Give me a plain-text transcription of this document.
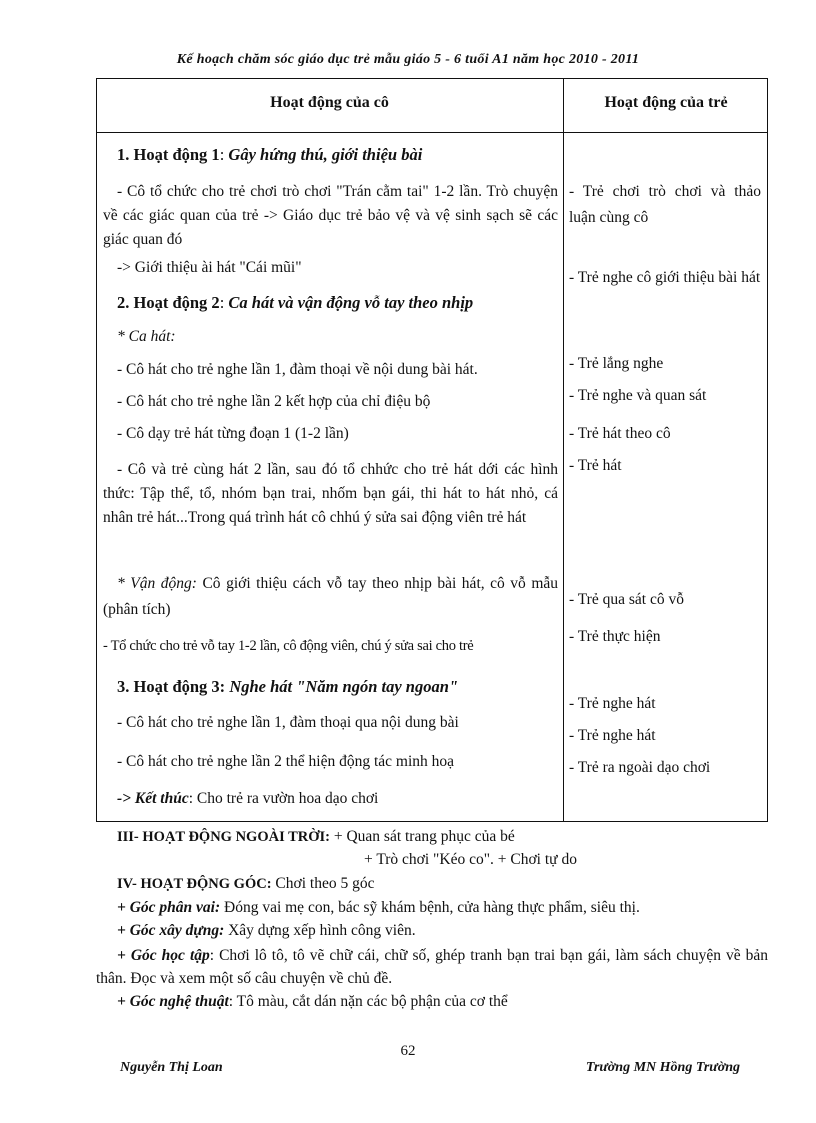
Kế hoạch chăm sóc giáo dục trẻ mẫu giáo 5 - 6 tuổi A1 năm học 2010 - 2011
Hoạt động của cô	Hoạt động của trẻ
1. Hoạt động 1: Gây hứng thú, giới thiệu bài
- Cô tổ chức cho trẻ chơi trò chơi "Trán cằm tai" 1-2 lần. Trò chuyện về các giác quan của trẻ -> Giáo dục trẻ bảo vệ và vệ sinh sạch sẽ các giác quan đó
-> Giới thiệu ài hát "Cái mũi"
2. Hoạt động 2: Ca hát và vận động vỗ tay theo nhịp
* Ca hát:
- Cô hát cho trẻ nghe lần 1, đàm thoại về nội dung bài hát.
- Cô hát cho trẻ nghe lần 2 kết hợp của chỉ điệu bộ
- Cô dạy trẻ hát từng đoạn 1 (1-2 lần)
- Cô và trẻ cùng hát 2 lần, sau đó tổ chhức cho trẻ hát dới các hình thức: Tập thể, tổ, nhóm bạn trai, nhốm bạn gái, thi hát to hát nhỏ, cá nhân trẻ hát...Trong quá trình hát cô chhú ý sửa sai động viên trẻ hát
* Vận động: Cô giới thiệu cách vỗ tay theo nhịp bài hát, cô vỗ mẫu (phân tích)
- Tổ chức cho trẻ vỗ tay 1-2 lần, cô động viên, chú ý sửa sai cho trẻ
3. Hoạt động 3: Nghe hát "Năm ngón tay ngoan"
- Cô hát cho trẻ nghe lần 1, đàm thoại qua nội dung bài
- Cô hát cho trẻ nghe lần 2 thể hiện động tác minh hoạ
-> Kết thúc: Cho trẻ ra vườn hoa dạo chơi
- Trẻ chơi trò chơi và thảo luận cùng cô
- Trẻ nghe cô giới thiệu bài hát
- Trẻ lắng nghe
- Trẻ nghe và quan sát
- Trẻ hát theo cô
- Trẻ hát
- Trẻ qua sát cô vỗ
- Trẻ thực hiện
- Trẻ nghe hát
- Trẻ nghe hát
- Trẻ ra ngoài dạo chơi
III- HOẠT ĐỘNG NGOÀI TRỜI: + Quan sát trang phục của bé
+ Trò chơi "Kéo co". + Chơi tự do
IV- HOẠT ĐỘNG GÓC: Chơi theo 5 góc
+ Góc phân vai: Đóng vai mẹ con, bác sỹ khám bệnh, cửa hàng thực phẩm, siêu thị.
+ Góc xây dựng: Xây dựng xếp hình công viên.
+ Góc học tập: Chơi lô tô, tô vẽ chữ cái, chữ số, ghép tranh bạn trai bạn gái, làm sách chuyện về bản thân. Đọc và xem một số câu chuyện về chủ đề.
+ Góc nghệ thuật: Tô màu, cắt dán nặn các bộ phận của cơ thể
62
Nguyễn Thị Loan	Trường MN Hồng Trường
